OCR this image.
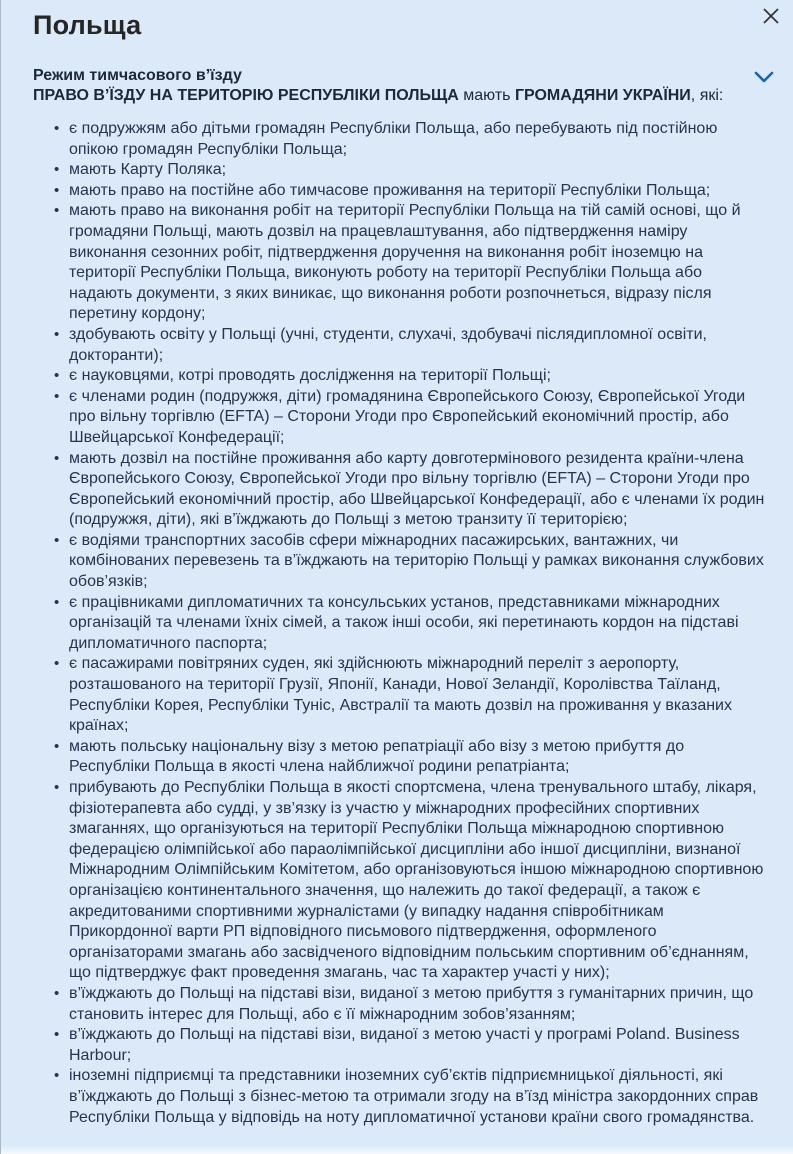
Польща
Режим тимчасового в’їзду
ПРАВО В’ЇЗДУ НА ТЕРИТОРІЮ РЕСПУБЛІКИ ПОЛЬЩА мають ГРОМАДЯНИ УКРАЇНИ, які:
• є подружжям або дітьми громадян Республіки Польща, або перебувають під постійною опікою громадян Республіки Польща;
• мають Карту Поляка;
• мають право на постійне або тимчасове проживання на території Республіки Польща;
• мають право на виконання робіт на території Республіки Польща на тій самій основі, що й громадяни Польщі, мають дозвіл на працевлаштування, або підтвердження наміру виконання сезонних робіт, підтвердження доручення на виконання робіт іноземцю на території Республіки Польща, виконують роботу на території Республіки Польща або надають документи, з яких виникає, що виконання роботи розпочнеться, відразу після перетину кордону;
• здобувають освіту у Польщі (учні, студенти, слухачі, здобувачі післядипломної освіти, докторанти);
• є науковцями, котрі проводять дослідження на території Польщі;
• є членами родин (подружжя, діти) громадянина Європейського Союзу, Європейської Угоди про вільну торгівлю (EFTA) – Сторони Угоди про Європейський економічний простір, або Швейцарської Конфедерації;
• мають дозвіл на постійне проживання або карту довготермінового резидента країни-члена Європейського Союзу, Європейської Угоди про вільну торгівлю (EFTA) – Сторони Угоди про Європейський економічний простір, або Швейцарської Конфедерації, або є членами їх родин (подружжя, діти), які в’їжджають до Польщі з метою транзиту її територією;
• є водіями транспортних засобів сфери міжнародних пасажирських, вантажних, чи комбінованих перевезень та в’їжджають на територію Польщі у рамках виконання службових обов’язків;
• є працівниками дипломатичних та консульських установ, представниками міжнародних організацій та членами їхніх сімей, а також інші особи, які перетинають кордон на підставі дипломатичного паспорта;
• є пасажирами повітряних суден, які здійснюють міжнародний переліт з аеропорту, розташованого на території Грузії, Японії, Канади, Нової Зеландії, Королівства Таїланд, Республіки Корея, Республіки Туніс, Австралії та мають дозвіл на проживання у вказаних країнах;
• мають польську національну візу з метою репатріації або візу з метою прибуття до Республіки Польща в якості члена найближчої родини репатріанта;
• прибувають до Республіки Польща в якості спортсмена, члена тренувального штабу, лікаря, фізіотерапевта або судді, у зв’язку із участю у міжнародних професійних спортивних змаганнях, що організуються на території Республіки Польща міжнародною спортивною федерацією олімпійської або параолімпійської дисципліни або іншої дисципліни, визнаної Міжнародним Олімпійським Комітетом, або організовуються іншою міжнародною спортивною організацією континентального значення, що належить до такої федерації, а також є акредитованими спортивними журналістами (у випадку надання співробітникам Прикордонної варти РП відповідного письмового підтвердження, оформленого організаторами змагань або засвідченого відповідним польським спортивним об’єднанням, що підтверджує факт проведення змагань, час та характер участі у них);
• в’їжджають до Польщі на підставі візи, виданої з метою прибуття з гуманітарних причин, що становить інтерес для Польщі, або є її міжнародним зобов’язанням;
• в’їжджають до Польщі на підставі візи, виданої з метою участі у програмі Poland. Business Harbour;
• іноземні підприємці та представники іноземних суб’єктів підприємницької діяльності, які в’їжджають до Польщі з бізнес-метою та отримали згоду на в’їзд міністра закордонних справ Республіки Польща у відповідь на ноту дипломатичної установи країни свого громадянства.
